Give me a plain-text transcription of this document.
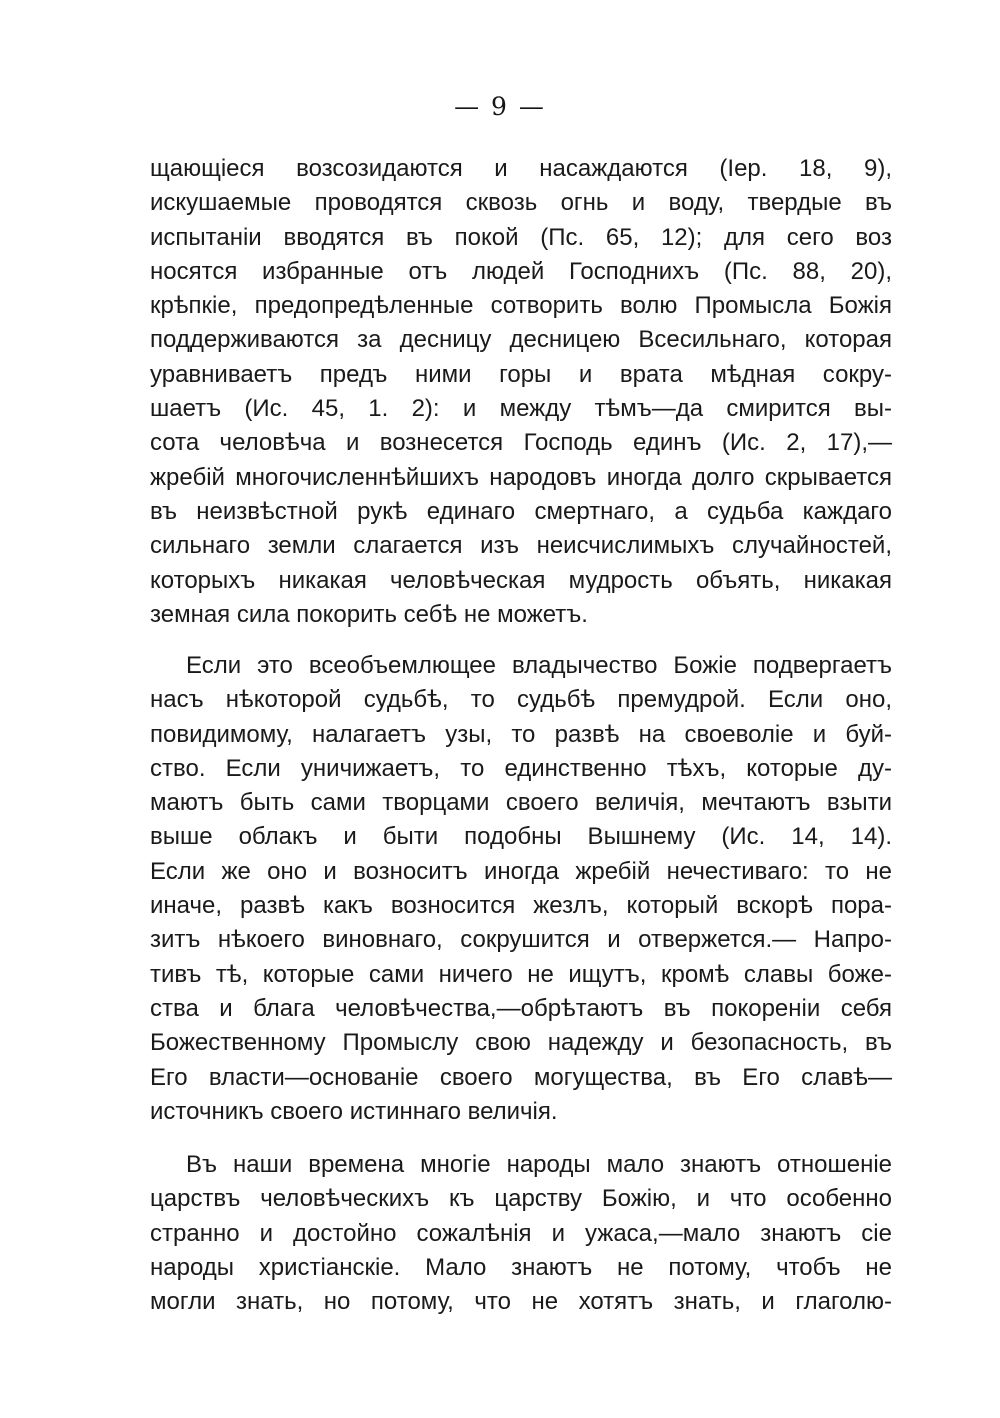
— 9 —
щающіеся возсозидаются и насаждаются (Іер. 18, 9),
искушаемые проводятся сквозь огнь и воду, твердые въ
испытаніи вводятся въ покой (Пс. 65, 12); для сего воз
носятся избранные отъ людей Господнихъ (Пс. 88, 20),
крѣпкіе, предопредѣленные сотворить волю Промысла Божія
поддерживаются за десницу десницею Всесильнаго, которая
уравниваетъ предъ ними горы и врата мѣдная сокру-
шаетъ (Ис. 45, 1. 2): и между тѣмъ—да смирится вы-
сота человѣча и вознесется Господь единъ (Ис. 2, 17),—
жребій многочисленнѣйшихъ народовъ иногда долго скрывается
въ неизвѣстной рукѣ единаго смертнаго, а судьба каждаго
сильнаго земли слагается изъ неисчислимыхъ случайностей,
которыхъ никакая человѣческая мудрость объять, никакая
земная сила покорить себѣ не можетъ.
Если это всеобъемлющее владычество Божіе подвергаетъ
насъ нѣкоторой судьбѣ, то судьбѣ премудрой. Если оно,
повидимому, налагаетъ узы, то развѣ на своеволіе и буй-
ство. Если уничижаетъ, то единственно тѣхъ, которые ду-
маютъ быть сами творцами своего величія, мечтаютъ взыти
выше облакъ и быти подобны Вышнему (Ис. 14, 14).
Если же оно и возноситъ иногда жребій нечестиваго: то не
иначе, развѣ какъ возносится жезлъ, который вскорѣ пора-
зитъ нѣкоего виновнаго, сокрушится и отвержется.— Напро-
тивъ тѣ, которые сами ничего не ищутъ, кромѣ славы боже-
ства и блага человѣчества,—обрѣтаютъ въ покореніи себя
Божественному Промыслу свою надежду и безопасность, въ
Его власти—основаніе своего могущества, въ Его славѣ—
источникъ своего истиннаго величія.
Въ наши времена многіе народы мало знаютъ отношеніе
царствъ человѣческихъ къ царству Божію, и что особенно
странно и достойно сожалѣнія и ужаса,—мало знаютъ сіе
народы христіанскіе. Мало знаютъ не потому, чтобъ не
могли знать, но потому, что не хотятъ знать, и глаголю-
